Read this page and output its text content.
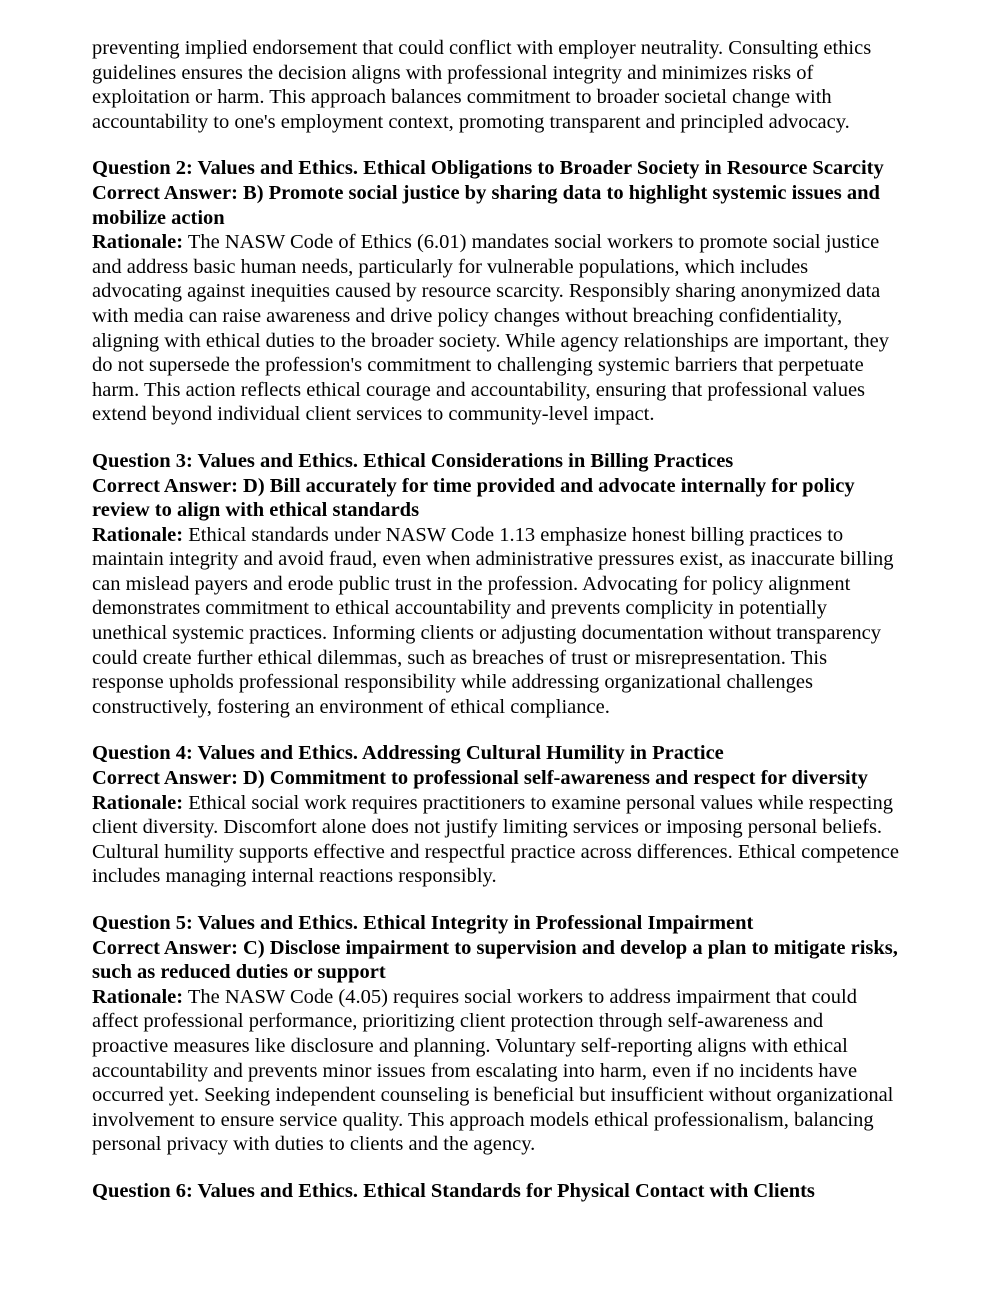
preventing implied endorsement that could conflict with employer neutrality. Consulting ethics guidelines ensures the decision aligns with professional integrity and minimizes risks of exploitation or harm. This approach balances commitment to broader societal change with accountability to one's employment context, promoting transparent and principled advocacy.

Question 2: Values and Ethics. Ethical Obligations to Broader Society in Resource Scarcity

Correct Answer: B) Promote social justice by sharing data to highlight systemic issues and mobilize action

Rationale: The NASW Code of Ethics (6.01) mandates social workers to promote social justice and address basic human needs, particularly for vulnerable populations, which includes advocating against inequities caused by resource scarcity. Responsibly sharing anonymized data with media can raise awareness and drive policy changes without breaching confidentiality, aligning with ethical duties to the broader society. While agency relationships are important, they do not supersede the profession's commitment to challenging systemic barriers that perpetuate harm. This action reflects ethical courage and accountability, ensuring that professional values extend beyond individual client services to community-level impact.

Question 3: Values and Ethics. Ethical Considerations in Billing Practices

Correct Answer: D) Bill accurately for time provided and advocate internally for policy review to align with ethical standards

Rationale: Ethical standards under NASW Code 1.13 emphasize honest billing practices to maintain integrity and avoid fraud, even when administrative pressures exist, as inaccurate billing can mislead payers and erode public trust in the profession. Advocating for policy alignment demonstrates commitment to ethical accountability and prevents complicity in potentially unethical systemic practices. Informing clients or adjusting documentation without transparency could create further ethical dilemmas, such as breaches of trust or misrepresentation. This response upholds professional responsibility while addressing organizational challenges constructively, fostering an environment of ethical compliance.

Question 4: Values and Ethics. Addressing Cultural Humility in Practice

Correct Answer: D) Commitment to professional self-awareness and respect for diversity

Rationale: Ethical social work requires practitioners to examine personal values while respecting client diversity. Discomfort alone does not justify limiting services or imposing personal beliefs. Cultural humility supports effective and respectful practice across differences. Ethical competence includes managing internal reactions responsibly.

Question 5: Values and Ethics. Ethical Integrity in Professional Impairment

Correct Answer: C) Disclose impairment to supervision and develop a plan to mitigate risks, such as reduced duties or support

Rationale: The NASW Code (4.05) requires social workers to address impairment that could affect professional performance, prioritizing client protection through self-awareness and proactive measures like disclosure and planning. Voluntary self-reporting aligns with ethical accountability and prevents minor issues from escalating into harm, even if no incidents have occurred yet. Seeking independent counseling is beneficial but insufficient without organizational involvement to ensure service quality. This approach models ethical professionalism, balancing personal privacy with duties to clients and the agency.

Question 6: Values and Ethics. Ethical Standards for Physical Contact with Clients
